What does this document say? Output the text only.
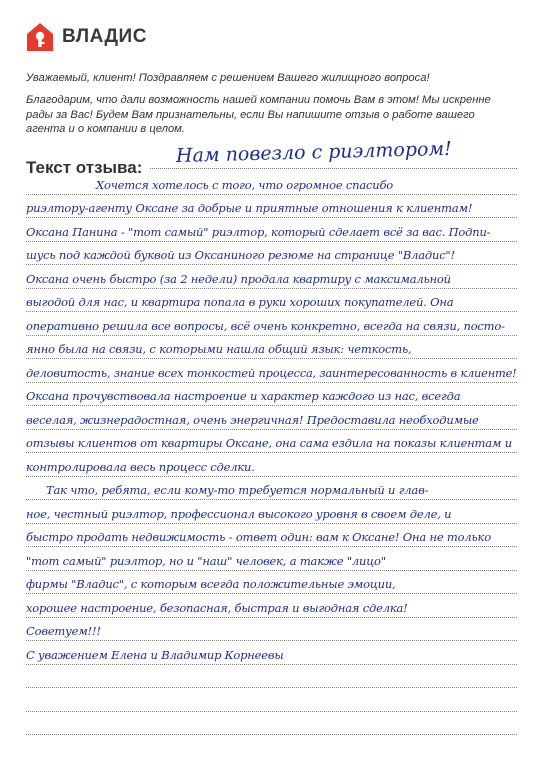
ВЛАДИС
Уважаемый, клиент! Поздравляем с решением Вашего жилищного вопроса!
Благодарим, что дали возможность нашей компании помочь Вам в этом! Мы искренне рады за Вас! Будем Вам признательны, если Вы напишите отзыв о работе вашего агента и о компании в целом.
Текст отзыва:
Нам повезло с риэлтором!
Хочется хотелось с того, что огромное спасибо
риэлтору-агенту Оксане за добрые и приятные отношения к клиентам!
Оксана Панина - "тот самый" риэлтор, который сделает всё за вас. Подпи-
шусь под каждой буквой из Оксаниного резюме на странице "Владис"!
Оксана очень быстро (за 2 недели) продала квартиру с максимальной
выгодой для нас, и квартира попала в руки хороших покупателей. Она
оперативно решила все вопросы, всё очень конкретно, всегда на связи, посто-
янно была на связи, с которыми нашла общий язык: четкость,
деловитость, знание всех тонкостей процесса, заинтересованность в клиенте!
Оксана прочувствовала настроение и характер каждого из нас, всегда
веселая, жизнерадостная, очень энергичная! Предоставила необходимые
отзывы клиентов от квартиры Оксане, она сама ездила на показы клиентам и
контролировала весь процесс сделки.
Так что, ребята, если кому-то требуется нормальный и глав-
ное, честный риэлтор, профессионал высокого уровня в своем деле, и
быстро продать недвижимость - ответ один: вам к Оксане! Она не только
"тот самый" риэлтор, но и "наш" человек, а также "лицо"
фирмы "Владис", с которым всегда положительные эмоции,
хорошее настроение, безопасная, быстрая и выгодная сделка!
Советуем!!!
С уважением Елена и Владимир Корнеевы
